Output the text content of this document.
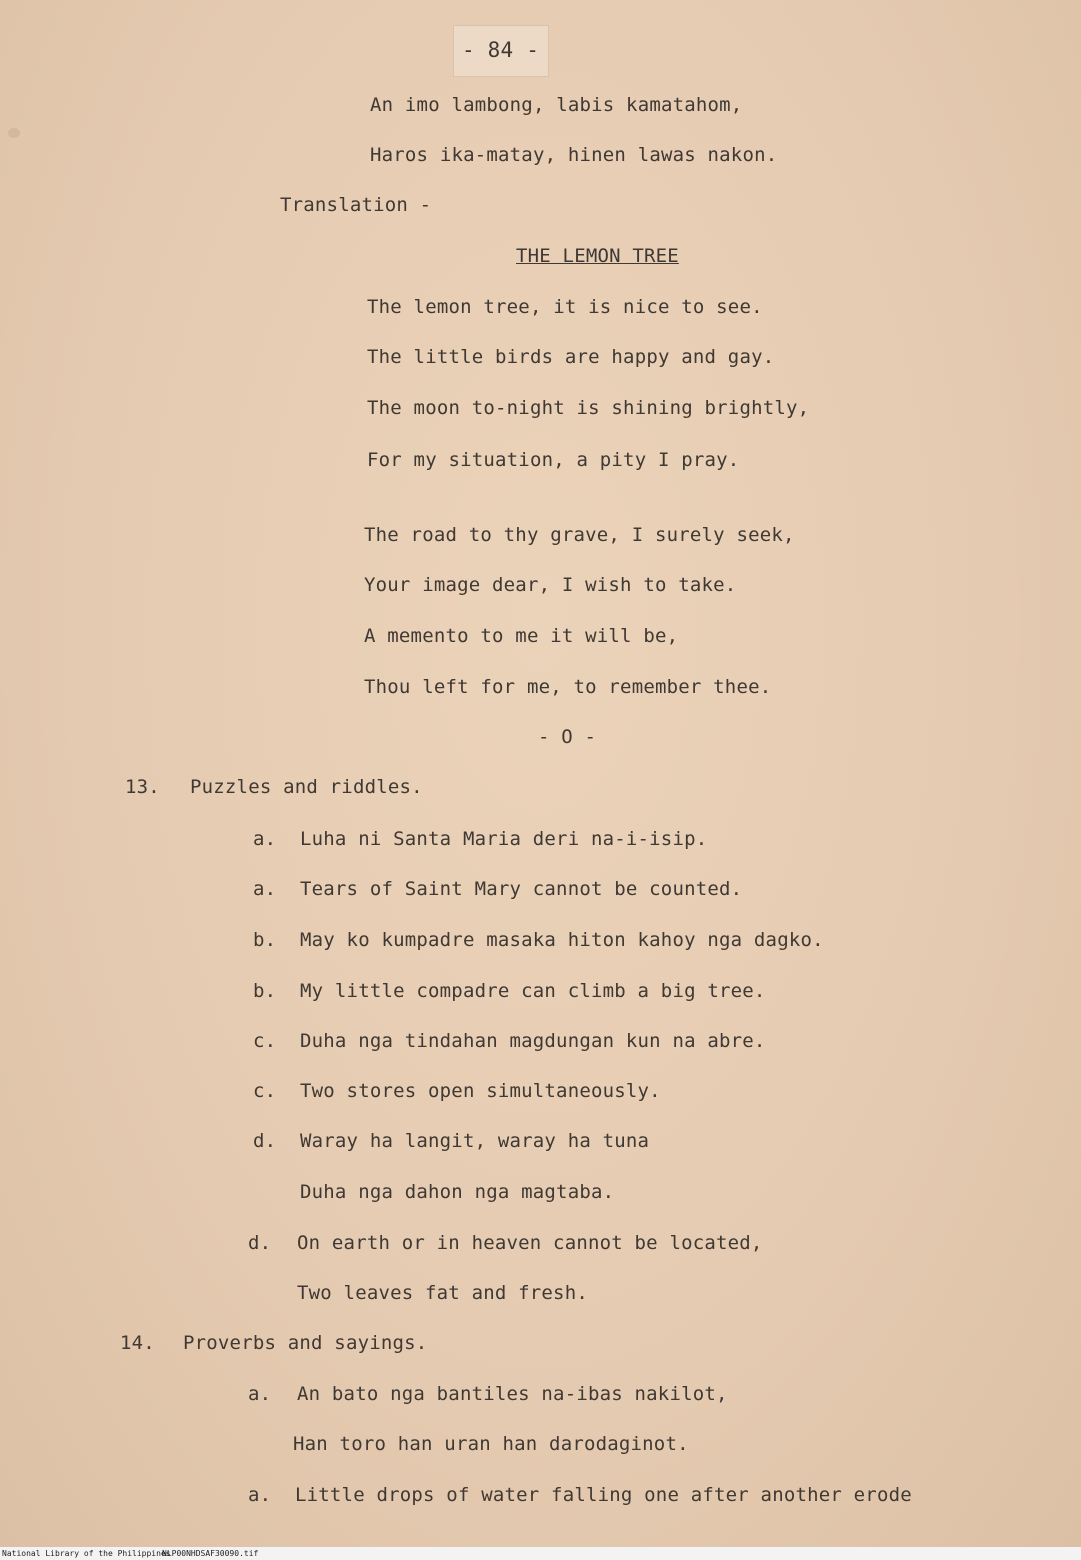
- 84 -
An imo lambong, labis kamatahom,
Haros ika-matay, hinen lawas nakon.
Translation -
THE LEMON TREE
The lemon tree, it is nice to see.
The little birds are happy and gay.
The moon to-night is shining brightly,
For my situation, a pity I pray.
The road to thy grave, I surely seek,
Your image dear, I wish to take.
A memento to me it will be,
Thou left for me, to remember thee.
- O -
13. Puzzles and riddles.
a. Luha ni Santa Maria deri na-i-isip.
a. Tears of Saint Mary cannot be counted.
b. May ko kumpadre masaka hiton kahoy nga dagko.
b. My little compadre can climb a big tree.
c. Duha nga tindahan magdungan kun na abre.
c. Two stores open simultaneously.
d. Waray ha langit, waray ha tuna
Duha nga dahon nga magtaba.
d. On earth or in heaven cannot be located,
Two leaves fat and fresh.
14. Proverbs and sayings.
a. An bato nga bantiles na-ibas nakilot,
Han toro han uran han darodaginot.
a. Little drops of water falling one after another erode
National Library of the Philippines
NLP00NHDSAF30090.tif
